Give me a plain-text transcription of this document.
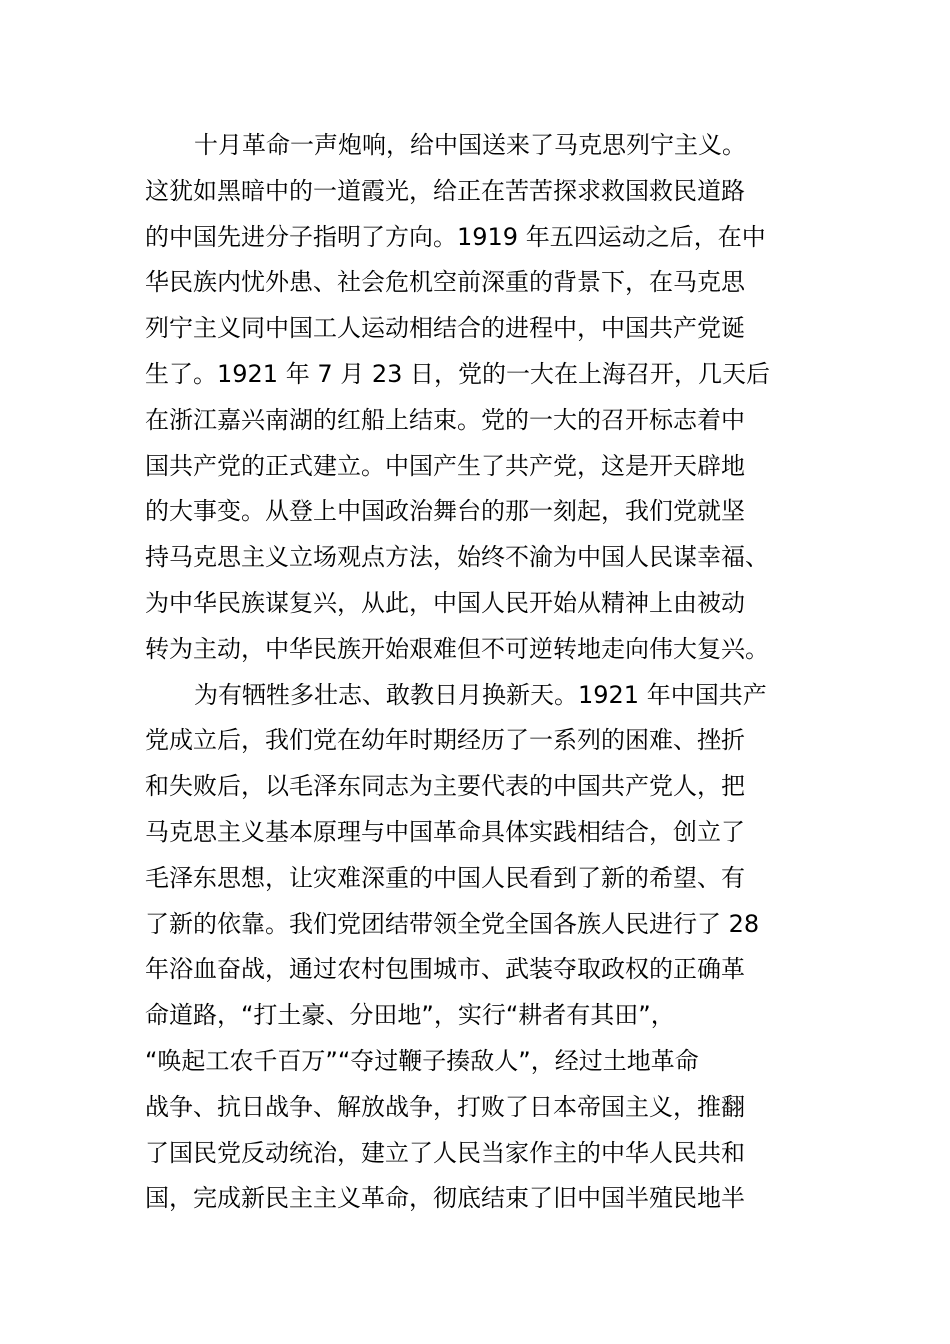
十月革命一声炮响，给中国送来了马克思列宁主义。
这犹如黑暗中的一道霞光，给正在苦苦探求救国救民道路
的中国先进分子指明了方向。1919 年五四运动之后，在中
华民族内忧外患、社会危机空前深重的背景下，在马克思
列宁主义同中国工人运动相结合的进程中，中国共产党诞
生了。1921 年 7 月 23 日，党的一大在上海召开，几天后
在浙江嘉兴南湖的红船上结束。党的一大的召开标志着中
国共产党的正式建立。中国产生了共产党，这是开天辟地
的大事变。从登上中国政治舞台的那一刻起，我们党就坚
持马克思主义立场观点方法，始终不渝为中国人民谋幸福、
为中华民族谋复兴，从此，中国人民开始从精神上由被动
转为主动，中华民族开始艰难但不可逆转地走向伟大复兴。
为有牺牲多壮志、敢教日月换新天。1921 年中国共产
党成立后，我们党在幼年时期经历了一系列的困难、挫折
和失败后，以毛泽东同志为主要代表的中国共产党人，把
马克思主义基本原理与中国革命具体实践相结合，创立了
毛泽东思想，让灾难深重的中国人民看到了新的希望、有
了新的依靠。我们党团结带领全党全国各族人民进行了 28
年浴血奋战，通过农村包围城市、武装夺取政权的正确革
命道路，“打土豪、分田地”，实行“耕者有其田”，
“唤起工农千百万”“夺过鞭子揍敌人”，经过土地革命
战争、抗日战争、解放战争，打败了日本帝国主义，推翻
了国民党反动统治，建立了人民当家作主的中华人民共和
国，完成新民主主义革命，彻底结束了旧中国半殖民地半
